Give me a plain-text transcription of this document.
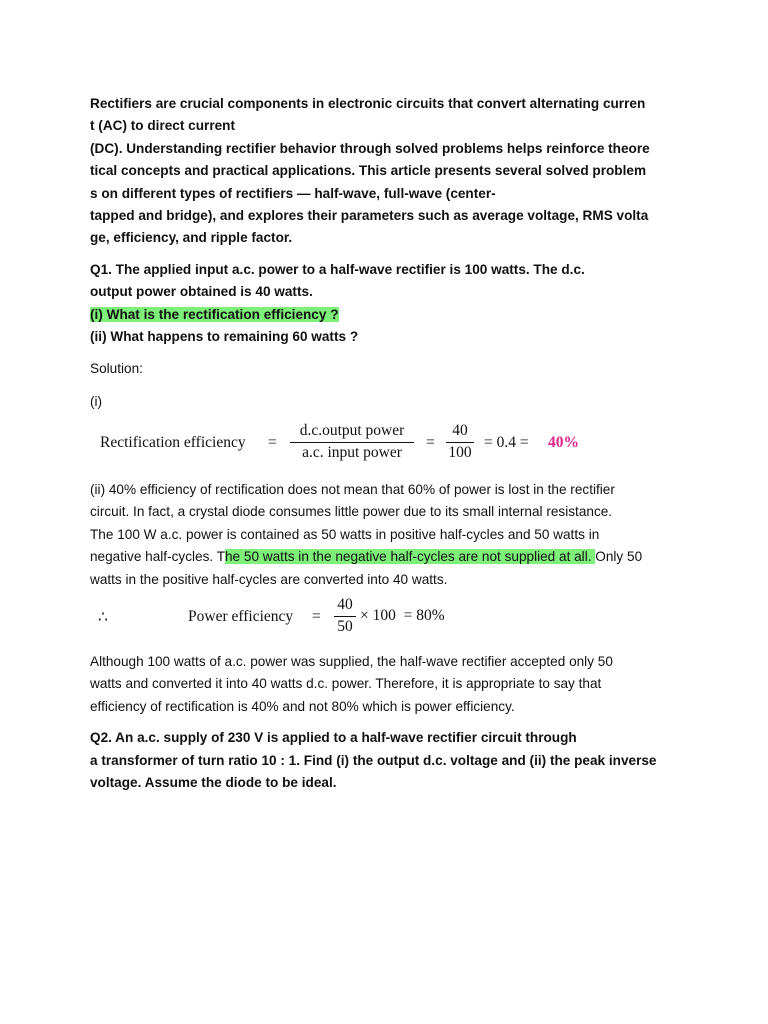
Rectifiers are crucial components in electronic circuits that convert alternating curren
t (AC) to direct current
(DC). Understanding rectifier behavior through solved problems helps reinforce theore
tical concepts and practical applications. This article presents several solved problem
s on different types of rectifiers — half-wave, full-wave (center-
tapped and bridge), and explores their parameters such as average voltage, RMS volta
ge, efficiency, and ripple factor.

Q1. The applied input a.c. power to a half-wave rectifier is 100 watts. The d.c.
output power obtained is 40 watts.
(i) What is the rectification efficiency ?
(ii) What happens to remaining 60 watts ?

Solution:

(i)

Rectification efficiency =
d.c.output power
a.c. input power
=
40
100
= 0.4 = 40%

(ii) 40% efficiency of rectification does not mean that 60% of power is lost in the rectifier
circuit. In fact, a crystal diode consumes little power due to its small internal resistance.
The 100 W a.c. power is contained as 50 watts in positive half-cycles and 50 watts in
negative half-cycles. The 50 watts in the negative half-cycles are not supplied at all. Only 50
watts in the positive half-cycles are converted into 40 watts.

∴	Power efficiency =
40
50
× 100  = 80%

Although 100 watts of a.c. power was supplied, the half-wave rectifier accepted only 50
watts and converted it into 40 watts d.c. power. Therefore, it is appropriate to say that
efficiency of rectification is 40% and not 80% which is power efficiency.

Q2. An a.c. supply of 230 V is applied to a half-wave rectifier circuit through
a transformer of turn ratio 10 : 1. Find (i) the output d.c. voltage and (ii) the peak inverse
voltage. Assume the diode to be ideal.
